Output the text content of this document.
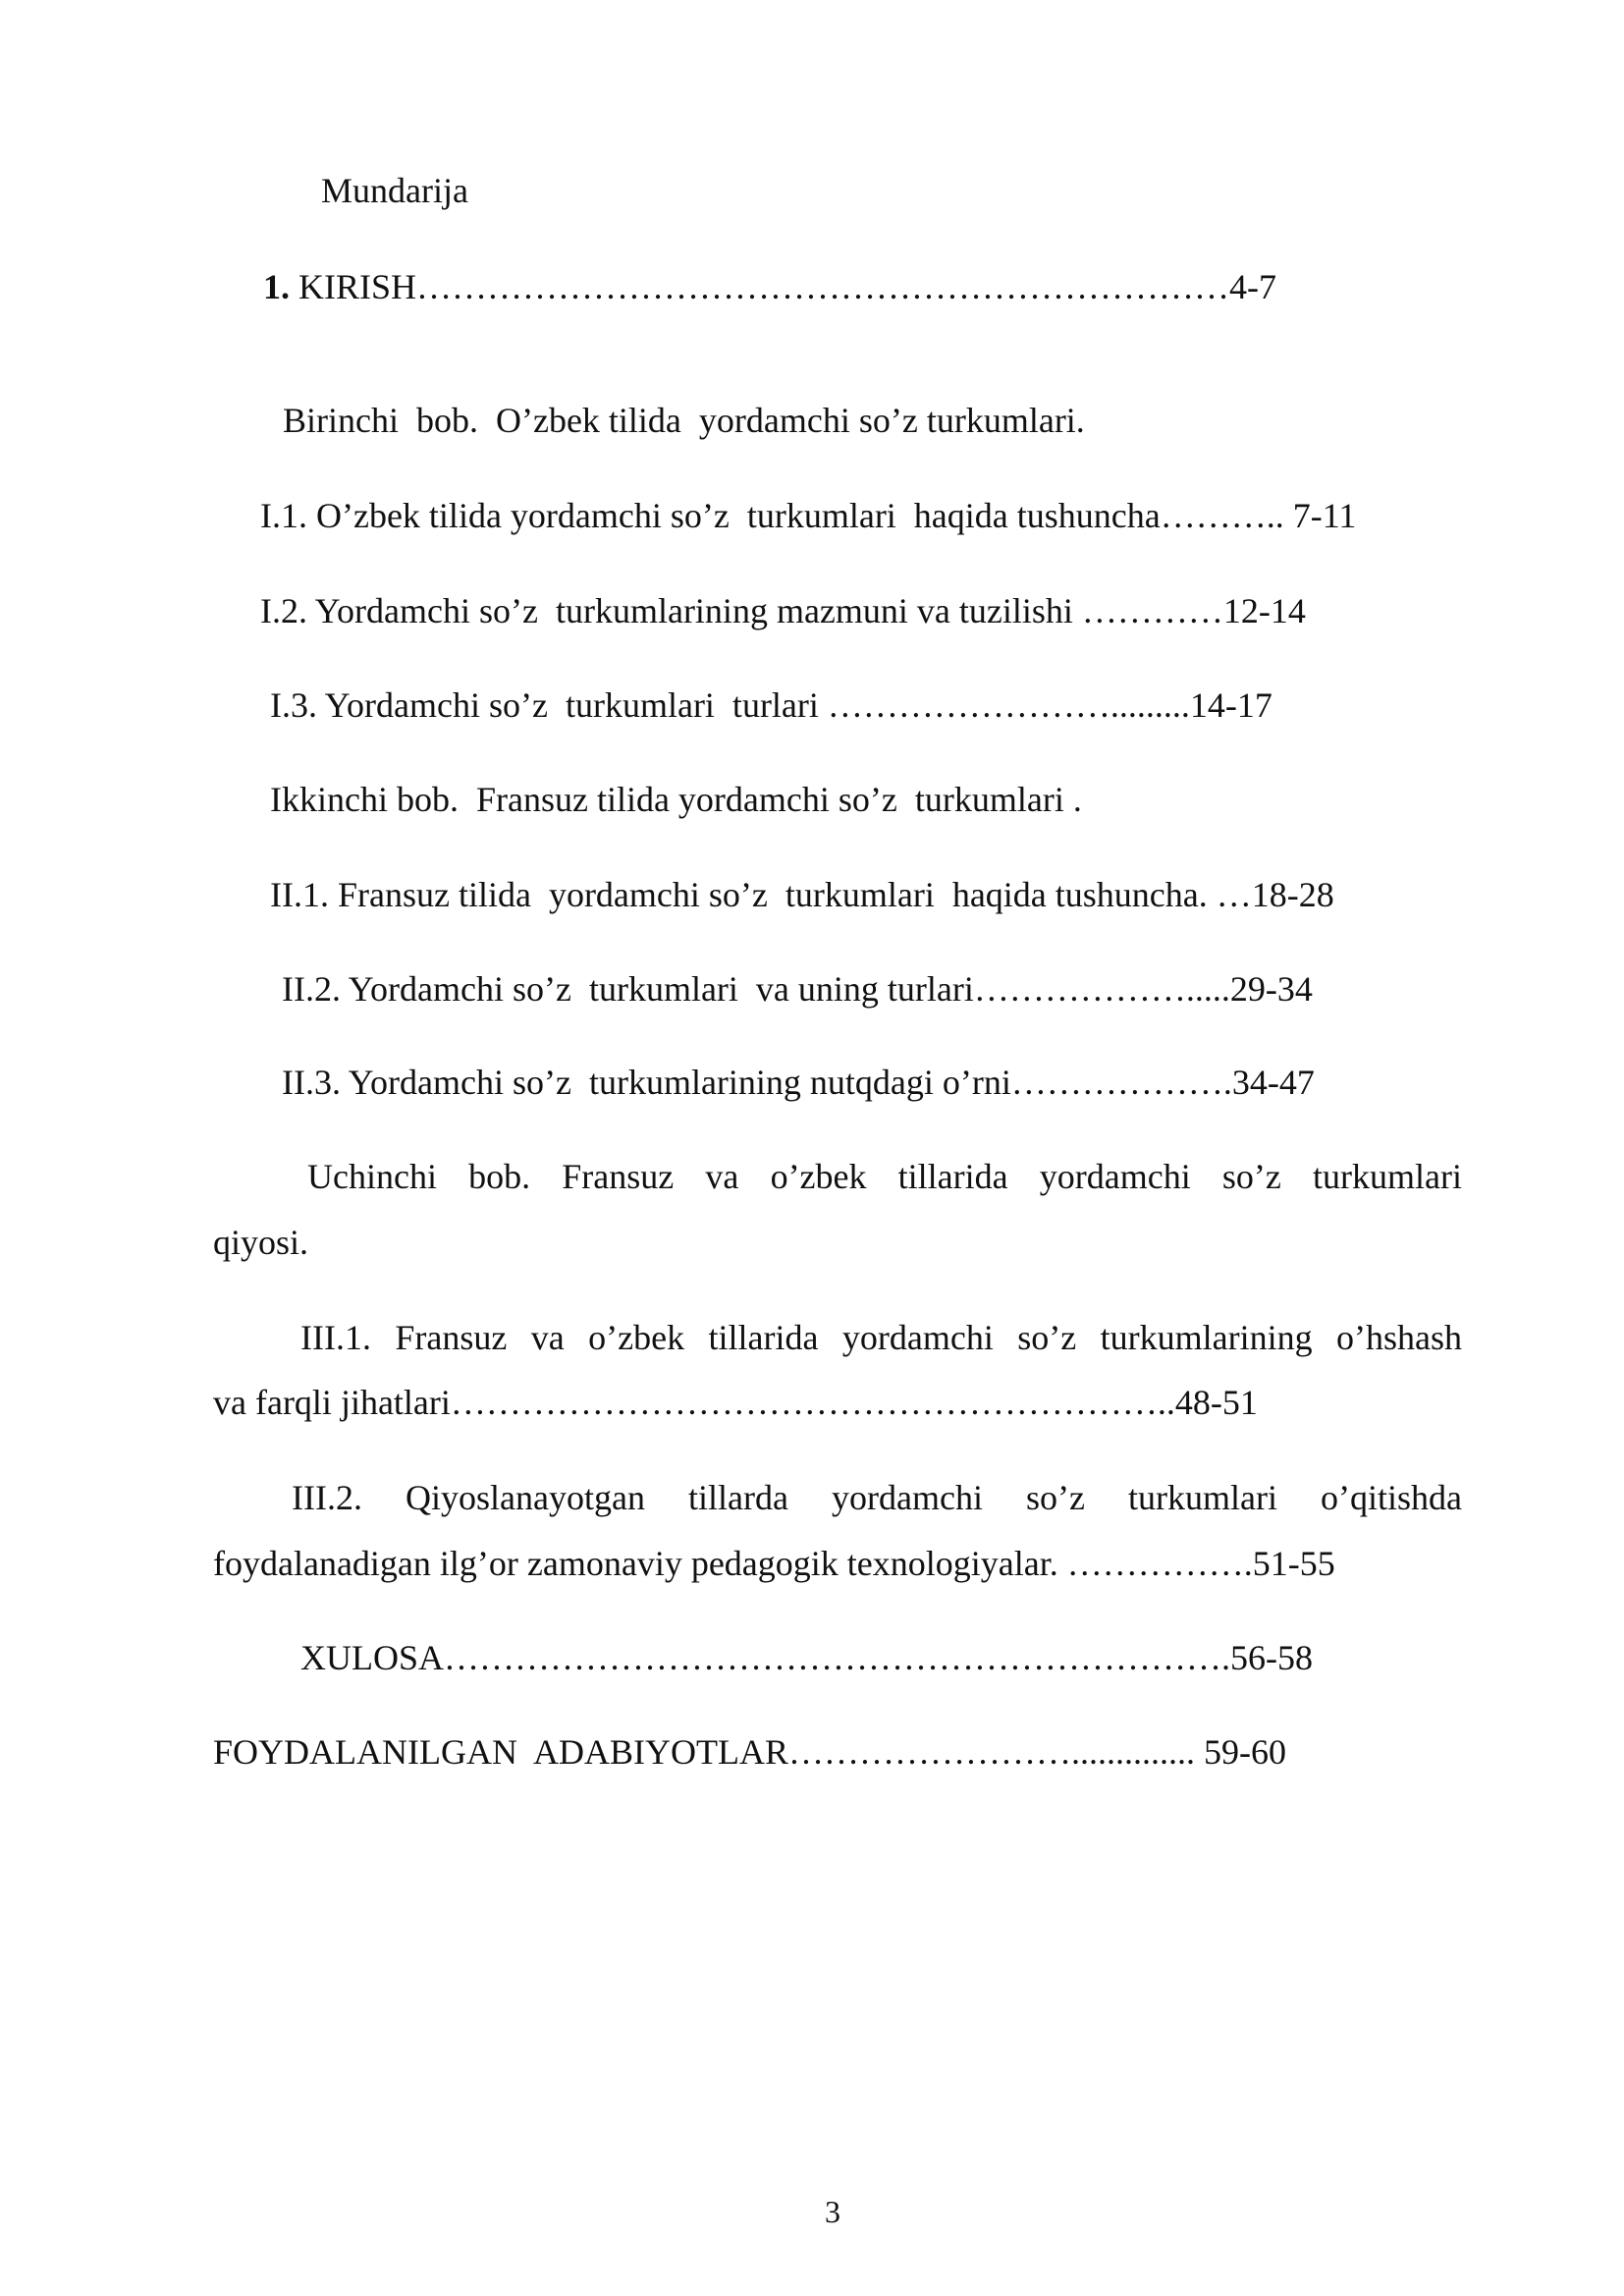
Mundarija
1. KIRISH……………………………………………………………4-7
Birinchi  bob.  O’zbek tilida  yordamchi so’z turkumlari.
I.1. O’zbek tilida yordamchi so’z  turkumlari  haqida tushuncha……….. 7-11
I.2. Yordamchi so’z  turkumlarining mazmuni va tuzilishi …………12-14
I.3. Yordamchi so’z  turkumlari  turlari …………………….........14-17
Ikkinchi bob.  Fransuz tilida yordamchi so’z  turkumlari .
II.1. Fransuz tilida  yordamchi so’z  turkumlari  haqida tushuncha. …18-28
II.2. Yordamchi so’z  turkumlari  va uning turlari……………….....29-34
II.3. Yordamchi so’z  turkumlarining nutqdagi o’rni……………….34-47
Uchinchi bob. Fransuz va o’zbek tillarida yordamchi so’z turkumlari
qiyosi.
III.1. Fransuz va o’zbek tillarida yordamchi so’z turkumlarining o’hshash
va farqli jihatlari……………………………………………………..48-51
III.2. Qiyoslanayotgan tillarda yordamchi so’z turkumlari o’qitishda
foydalanadigan ilg’or zamonaviy pedagogik texnologiyalar. …………….51-55
XULOSA………………………………………………………….56-58
FOYDALANILGAN  ADABIYOTLAR…………………….............. 59-60
3
